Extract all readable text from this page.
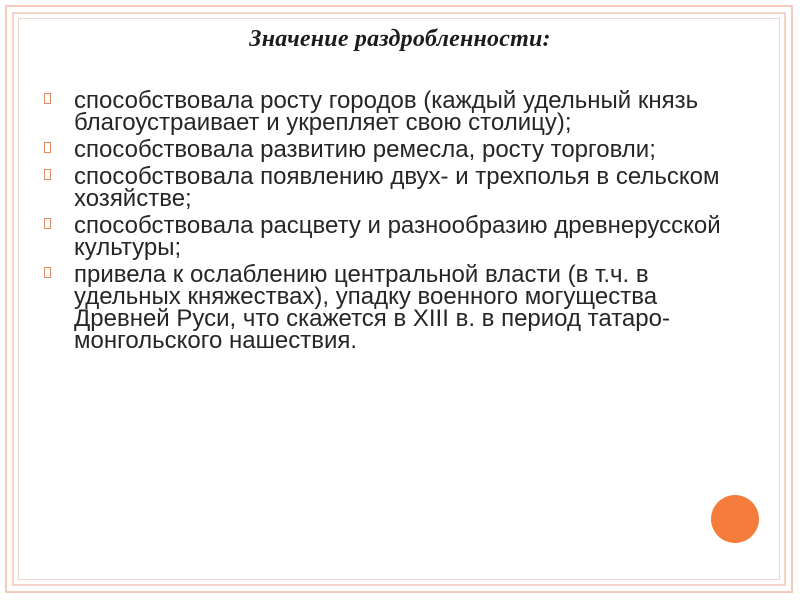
Значение раздробленности:
способствовала росту городов (каждый удельный князь благоустраивает и укрепляет свою столицу);
способствовала развитию ремесла, росту торговли;
способствовала появлению двух- и трехполья в сельском хозяйстве;
способствовала расцвету и разнообразию древнерусской культуры;
привела к ослаблению центральной власти (в т.ч. в удельных княжествах), упадку военного могущества Древней Руси, что скажется в XIII в. в период татаро-монгольского нашествия.
